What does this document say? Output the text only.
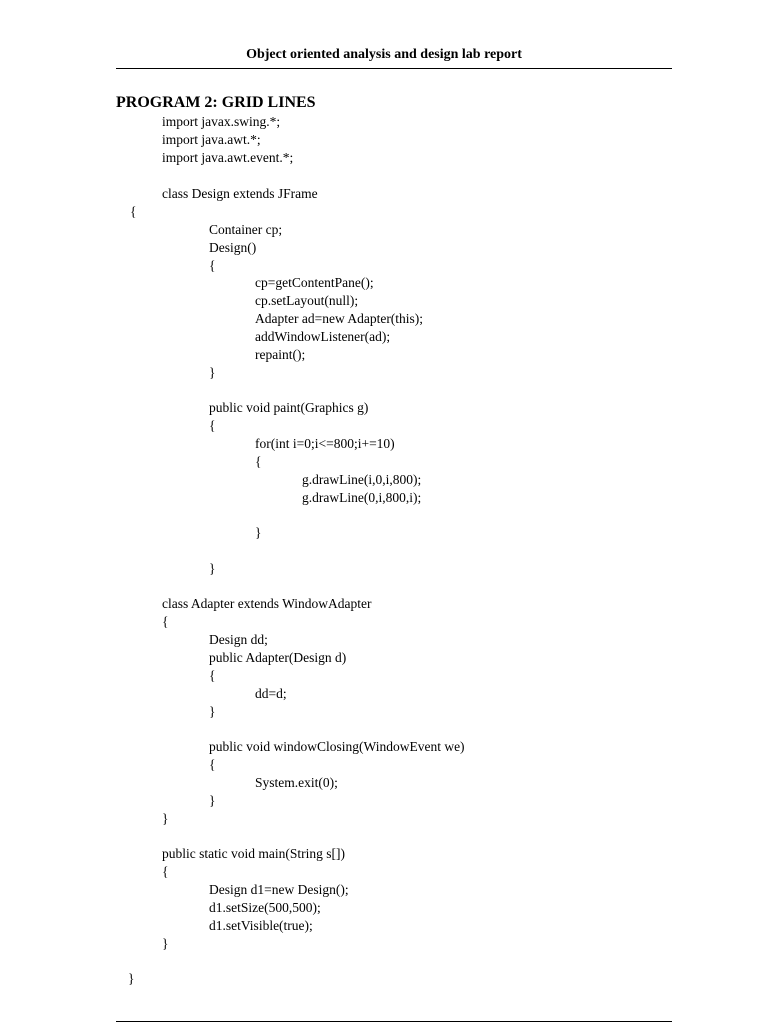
Object oriented analysis and design lab report
PROGRAM 2: GRID LINES
import javax.swing.*;
import java.awt.*;
import java.awt.event.*;
class Design extends JFrame
{
Container cp;
Design()
{
cp=getContentPane();
cp.setLayout(null);
Adapter ad=new Adapter(this);
addWindowListener(ad);
repaint();
}
public void paint(Graphics g)
{
for(int i=0;i<=800;i+=10)
{
g.drawLine(i,0,i,800);
g.drawLine(0,i,800,i);
}
}
class Adapter extends WindowAdapter
{
Design dd;
public Adapter(Design d)
{
dd=d;
}
public void windowClosing(WindowEvent we)
{
System.exit(0);
}
}
public static void main(String s[])
{
Design d1=new Design();
d1.setSize(500,500);
d1.setVisible(true);
}
}
